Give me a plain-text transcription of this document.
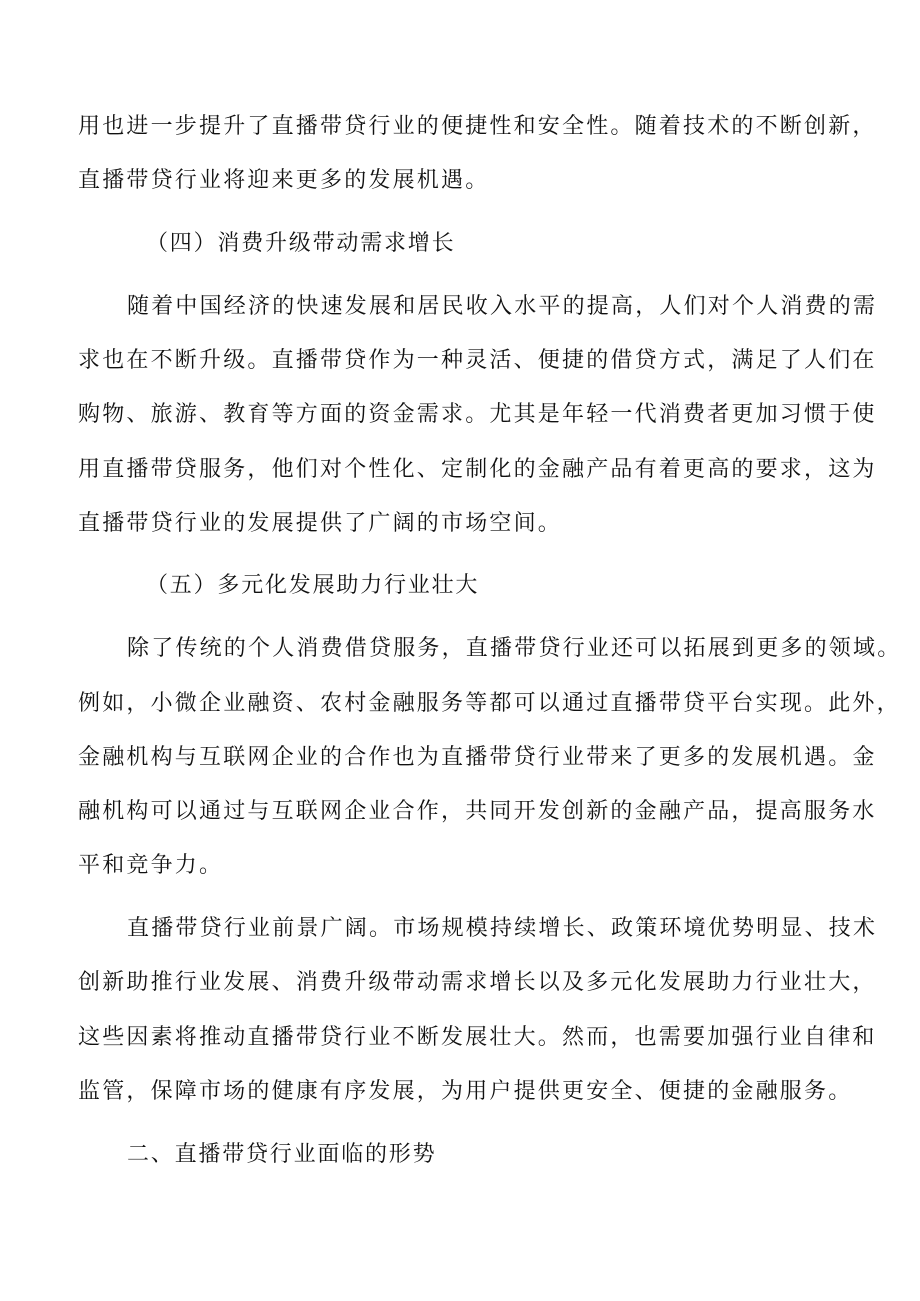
用也进一步提升了直播带贷行业的便捷性和安全性。随着技术的不断创新，
直播带贷行业将迎来更多的发展机遇。
（四）消费升级带动需求增长
随着中国经济的快速发展和居民收入水平的提高，人们对个人消费的需
求也在不断升级。直播带贷作为一种灵活、便捷的借贷方式，满足了人们在
购物、旅游、教育等方面的资金需求。尤其是年轻一代消费者更加习惯于使
用直播带贷服务，他们对个性化、定制化的金融产品有着更高的要求，这为
直播带贷行业的发展提供了广阔的市场空间。
（五）多元化发展助力行业壮大
除了传统的个人消费借贷服务，直播带贷行业还可以拓展到更多的领域。
例如，小微企业融资、农村金融服务等都可以通过直播带贷平台实现。此外，
金融机构与互联网企业的合作也为直播带贷行业带来了更多的发展机遇。金
融机构可以通过与互联网企业合作，共同开发创新的金融产品，提高服务水
平和竞争力。
直播带贷行业前景广阔。市场规模持续增长、政策环境优势明显、技术
创新助推行业发展、消费升级带动需求增长以及多元化发展助力行业壮大，
这些因素将推动直播带贷行业不断发展壮大。然而，也需要加强行业自律和
监管，保障市场的健康有序发展，为用户提供更安全、便捷的金融服务。
二、直播带贷行业面临的形势
